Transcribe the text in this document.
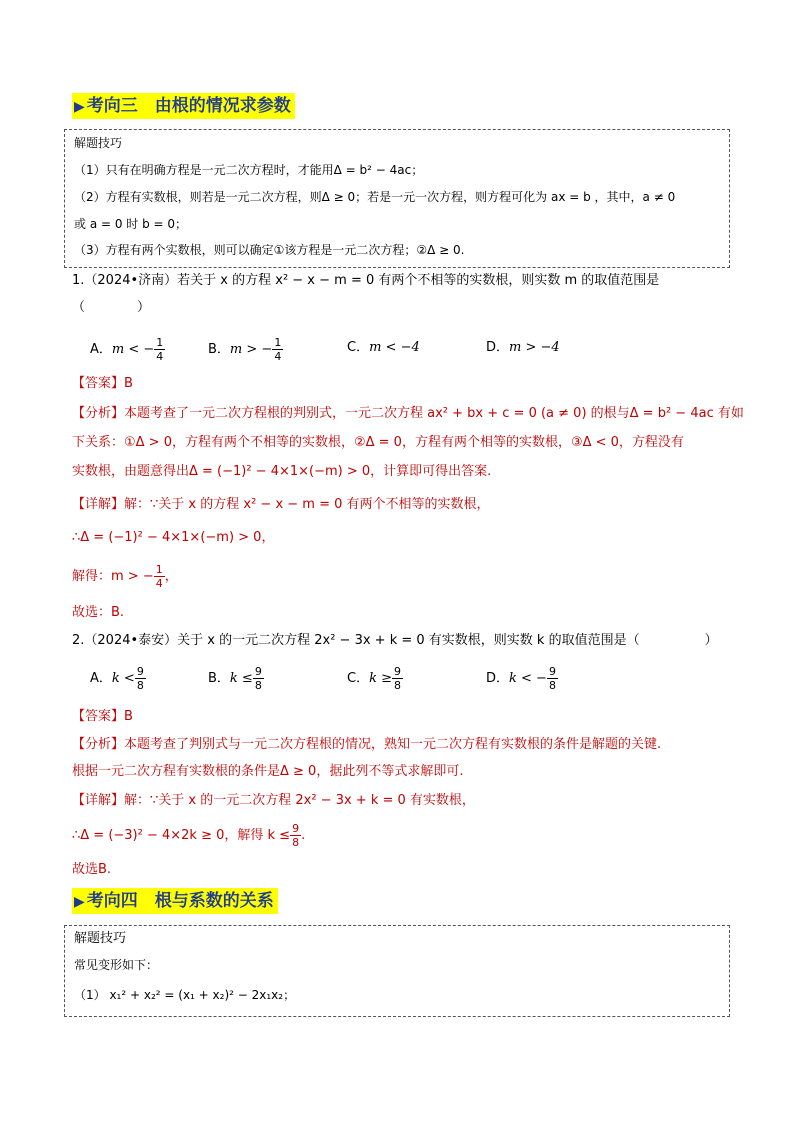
▶ 考向三　由根的情况求参数
解题技巧
（1）只有在明确方程是一元二次方程时，才能用Δ = b² − 4ac；
（2）方程有实数根，则若是一元二次方程，则Δ ≥ 0；若是一元一次方程，则方程可化为 ax = b ，其中，a ≠ 0
或 a = 0 时 b = 0；
（3）方程有两个实数根，则可以确定①该方程是一元二次方程；②Δ ≥ 0.
1.（2024•济南）若关于 x 的方程 x² − x − m = 0 有两个不相等的实数根，则实数 m 的取值范围是
（　　　　）
A．m < − $\frac{1}{4}$	B．m > − $\frac{1}{4}$	C．m < −4	D．m > −4
【答案】B
【分析】本题考查了一元二次方程根的判别式，一元二次方程 ax² + bx + c = 0 (a ≠ 0) 的根与Δ = b² − 4ac 有如
下关系：①Δ > 0，方程有两个不相等的实数根，②Δ = 0，方程有两个相等的实数根，③Δ < 0，方程没有
实数根，由题意得出Δ = (−1)² − 4×1×(−m) > 0，计算即可得出答案.
【详解】解：∵关于 x 的方程 x² − x − m = 0 有两个不相等的实数根，
∴Δ = (−1)² − 4×1×(−m) > 0，
解得：m > − $\frac{1}{4}$ ，
故选：B.
2.（2024•泰安）关于 x 的一元二次方程 2x² − 3x + k = 0 有实数根，则实数 k 的取值范围是（　　　　　）
A．$k < \frac{9}{8}$	B．$k \le \frac{9}{8}$	C．$k \ge \frac{9}{8}$	D．k < − $\frac{9}{8}$
【答案】B
【分析】本题考查了判别式与一元二次方程根的情况，熟知一元二次方程有实数根的条件是解题的关键.
根据一元二次方程有实数根的条件是Δ ≥ 0，据此列不等式求解即可.
【详解】解：∵关于 x 的一元二次方程 2x² − 3x + k = 0 有实数根，
∴Δ = (−3)² − 4×2k ≥ 0，解得 $k \le \frac{9}{8}$ .
故选B.
▶ 考向四　根与系数的关系
解题技巧
常见变形如下：
（1） x₁² + x₂² = (x₁ + x₂)² − 2x₁x₂；
